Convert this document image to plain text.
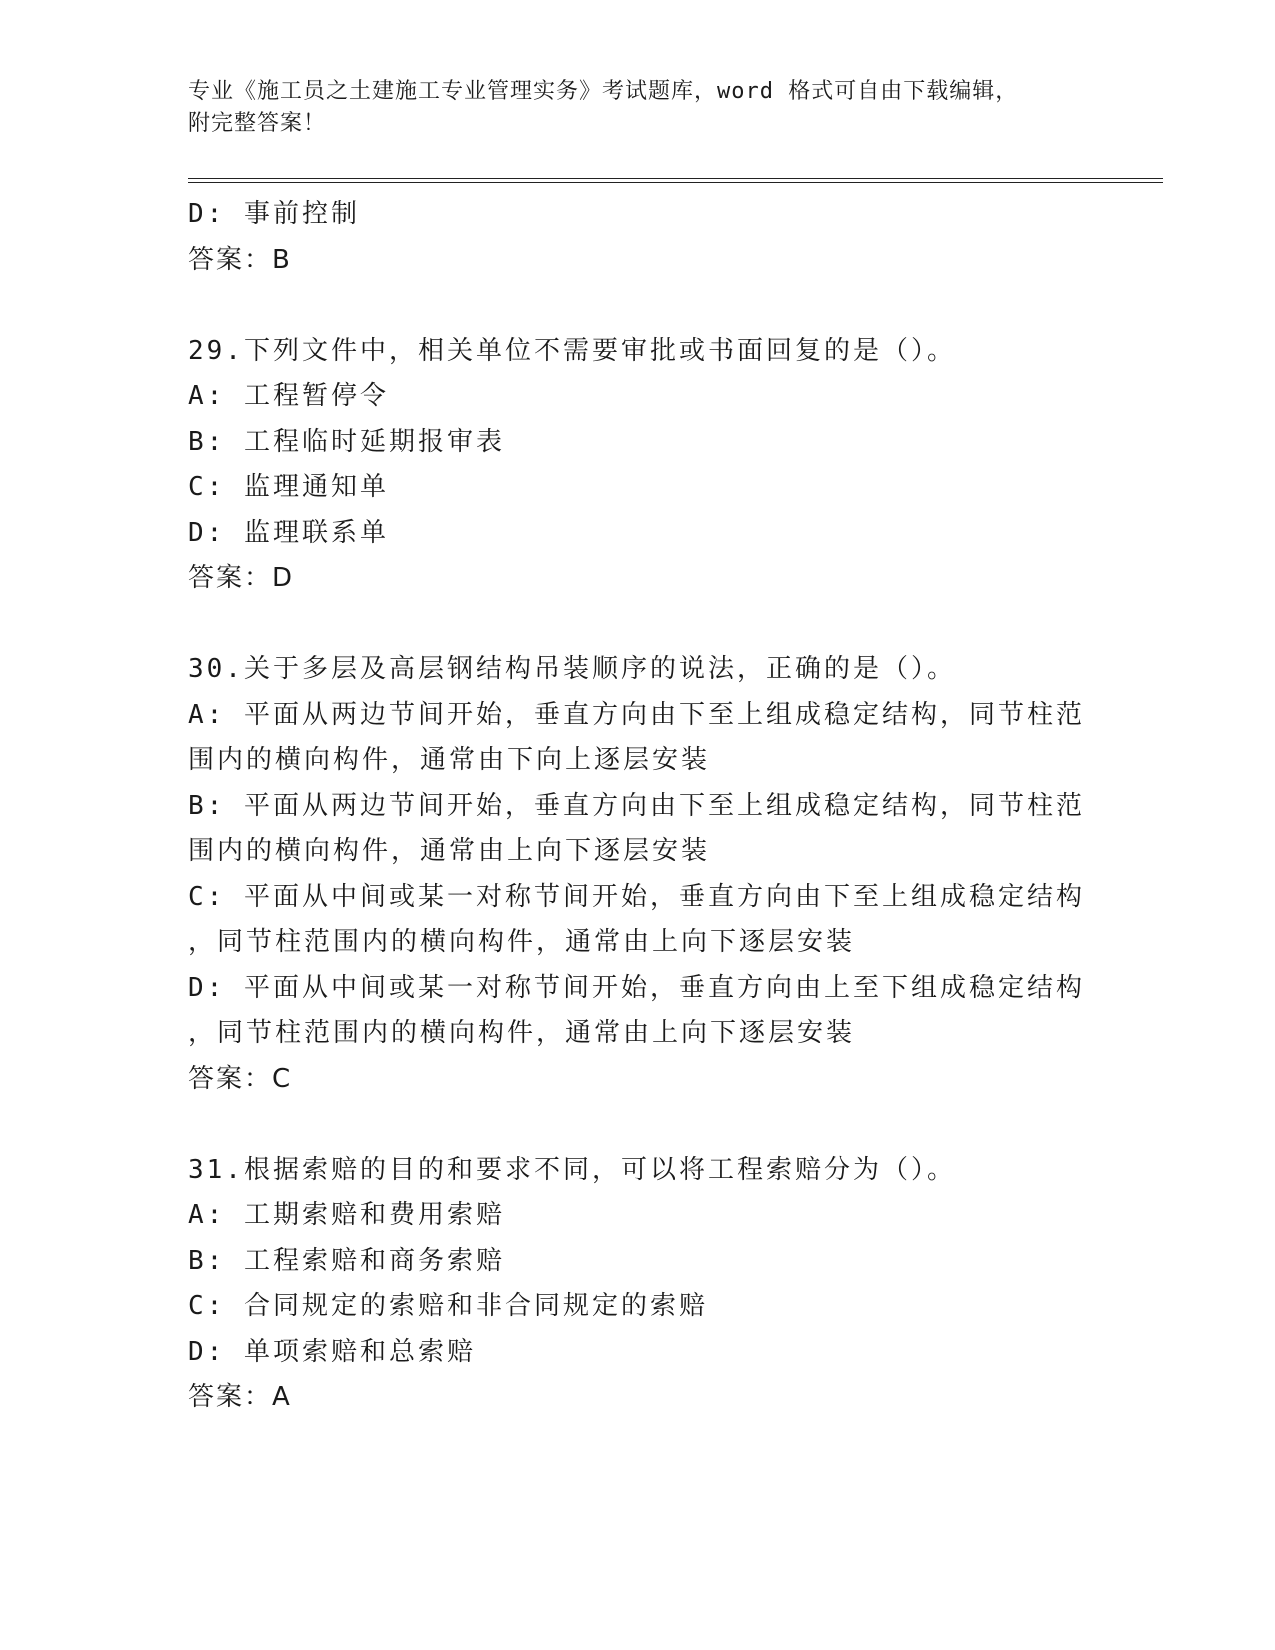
专业《施工员之土建施工专业管理实务》考试题库，word 格式可自由下载编辑，
附完整答案！
D: 事前控制
答案：B
29.下列文件中，相关单位不需要审批或书面回复的是（）。
A: 工程暂停令
B: 工程临时延期报审表
C: 监理通知单
D: 监理联系单
答案：D
30.关于多层及高层钢结构吊装顺序的说法，正确的是（）。
A: 平面从两边节间开始，垂直方向由下至上组成稳定结构，同节柱范
围内的横向构件，通常由下向上逐层安装
B: 平面从两边节间开始，垂直方向由下至上组成稳定结构，同节柱范
围内的横向构件，通常由上向下逐层安装
C: 平面从中间或某一对称节间开始，垂直方向由下至上组成稳定结构
，同节柱范围内的横向构件，通常由上向下逐层安装
D: 平面从中间或某一对称节间开始，垂直方向由上至下组成稳定结构
，同节柱范围内的横向构件，通常由上向下逐层安装
答案：C
31.根据索赔的目的和要求不同，可以将工程索赔分为（）。
A: 工期索赔和费用索赔
B: 工程索赔和商务索赔
C: 合同规定的索赔和非合同规定的索赔
D: 单项索赔和总索赔
答案：A
